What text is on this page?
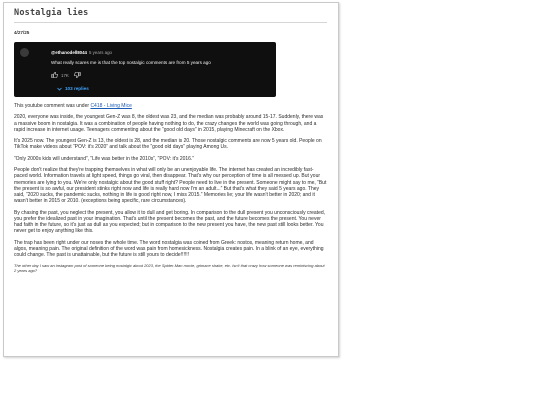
Nostalgia lies
4/27/25
@ethanodell8044 5 years ago
What really scares me is that the top nostalgic comments are from 5 years ago
17K
103 replies

This youtube comment was under C418 - Living Mice

2020, everyone was inside, the youngest Gen-Z was 8, the oldest was 23, and the median was probably around 15-17. Suddenly, there was a massive boom in nostalgia. It was a combination of people having nothing to do, the crazy changes the world was going through, and a rapid increase in internet usage. Teenagers commenting about the “good old days” in 2015, playing Minecraft on the Xbox.

It's 2025 now. The youngest Gen-Z is 13, the oldest is 28, and the median is 20. Those nostalgic comments are now 5 years old. People on TikTok make videos about “POV: it's 2020” and talk about the “good old days” playing Among Us.

“Only 2000s kids will understand”, “Life was better in the 2010s”, “POV: it's 2016.”

People don't realize that they're trapping themselves in what will only be an unenjoyable life. The internet has created an incredibly fast-paced world. Information travels at light speed, things go viral, then disappear. That's why our perception of time is all messed up. But your memories are lying to you. We're only nostalgic about the good stuff right? People need to live in the present. Someone might say to me, “But the present is so awful, our president stinks right now and life is really hard now I'm an adult...” But that's what they said 5 years ago. They said, “2020 sucks, the pandemic sucks, nothing in life is good right now, I miss 2015.” Memories lie; your life wasn't better in 2020; and it wasn't better in 2015 or 2010. (exceptions being specific, rare circumstances).

By chasing the past, you neglect the present, you allow it to dull and get boring. In comparison to the dull present you unconsciously created, you prefer the idealized past in your imagination. That's until the present becomes the past, and the future becomes the present. You never had faith in the future, so it's just as dull as you expected; but in comparison to the new present you have, the new past still looks better. You never get to enjoy anything like this.

The trap has been right under our noses the whole time. The word nostalgia was coined from Greek: nostos, meaning return home, and algos, meaning pain. The original definition of the word was pain from homesickness. Nostalgia creates pain. In a blink of an eye, everything could change. The past is unattainable, but the future is still yours to decide!!!!!!

The other day I saw an instagram post of someone being nostalgic about 2023, the Spider-Man movie, grimace shake, etc. Isn't that crazy how someone was reminiscing about 2 years ago?
